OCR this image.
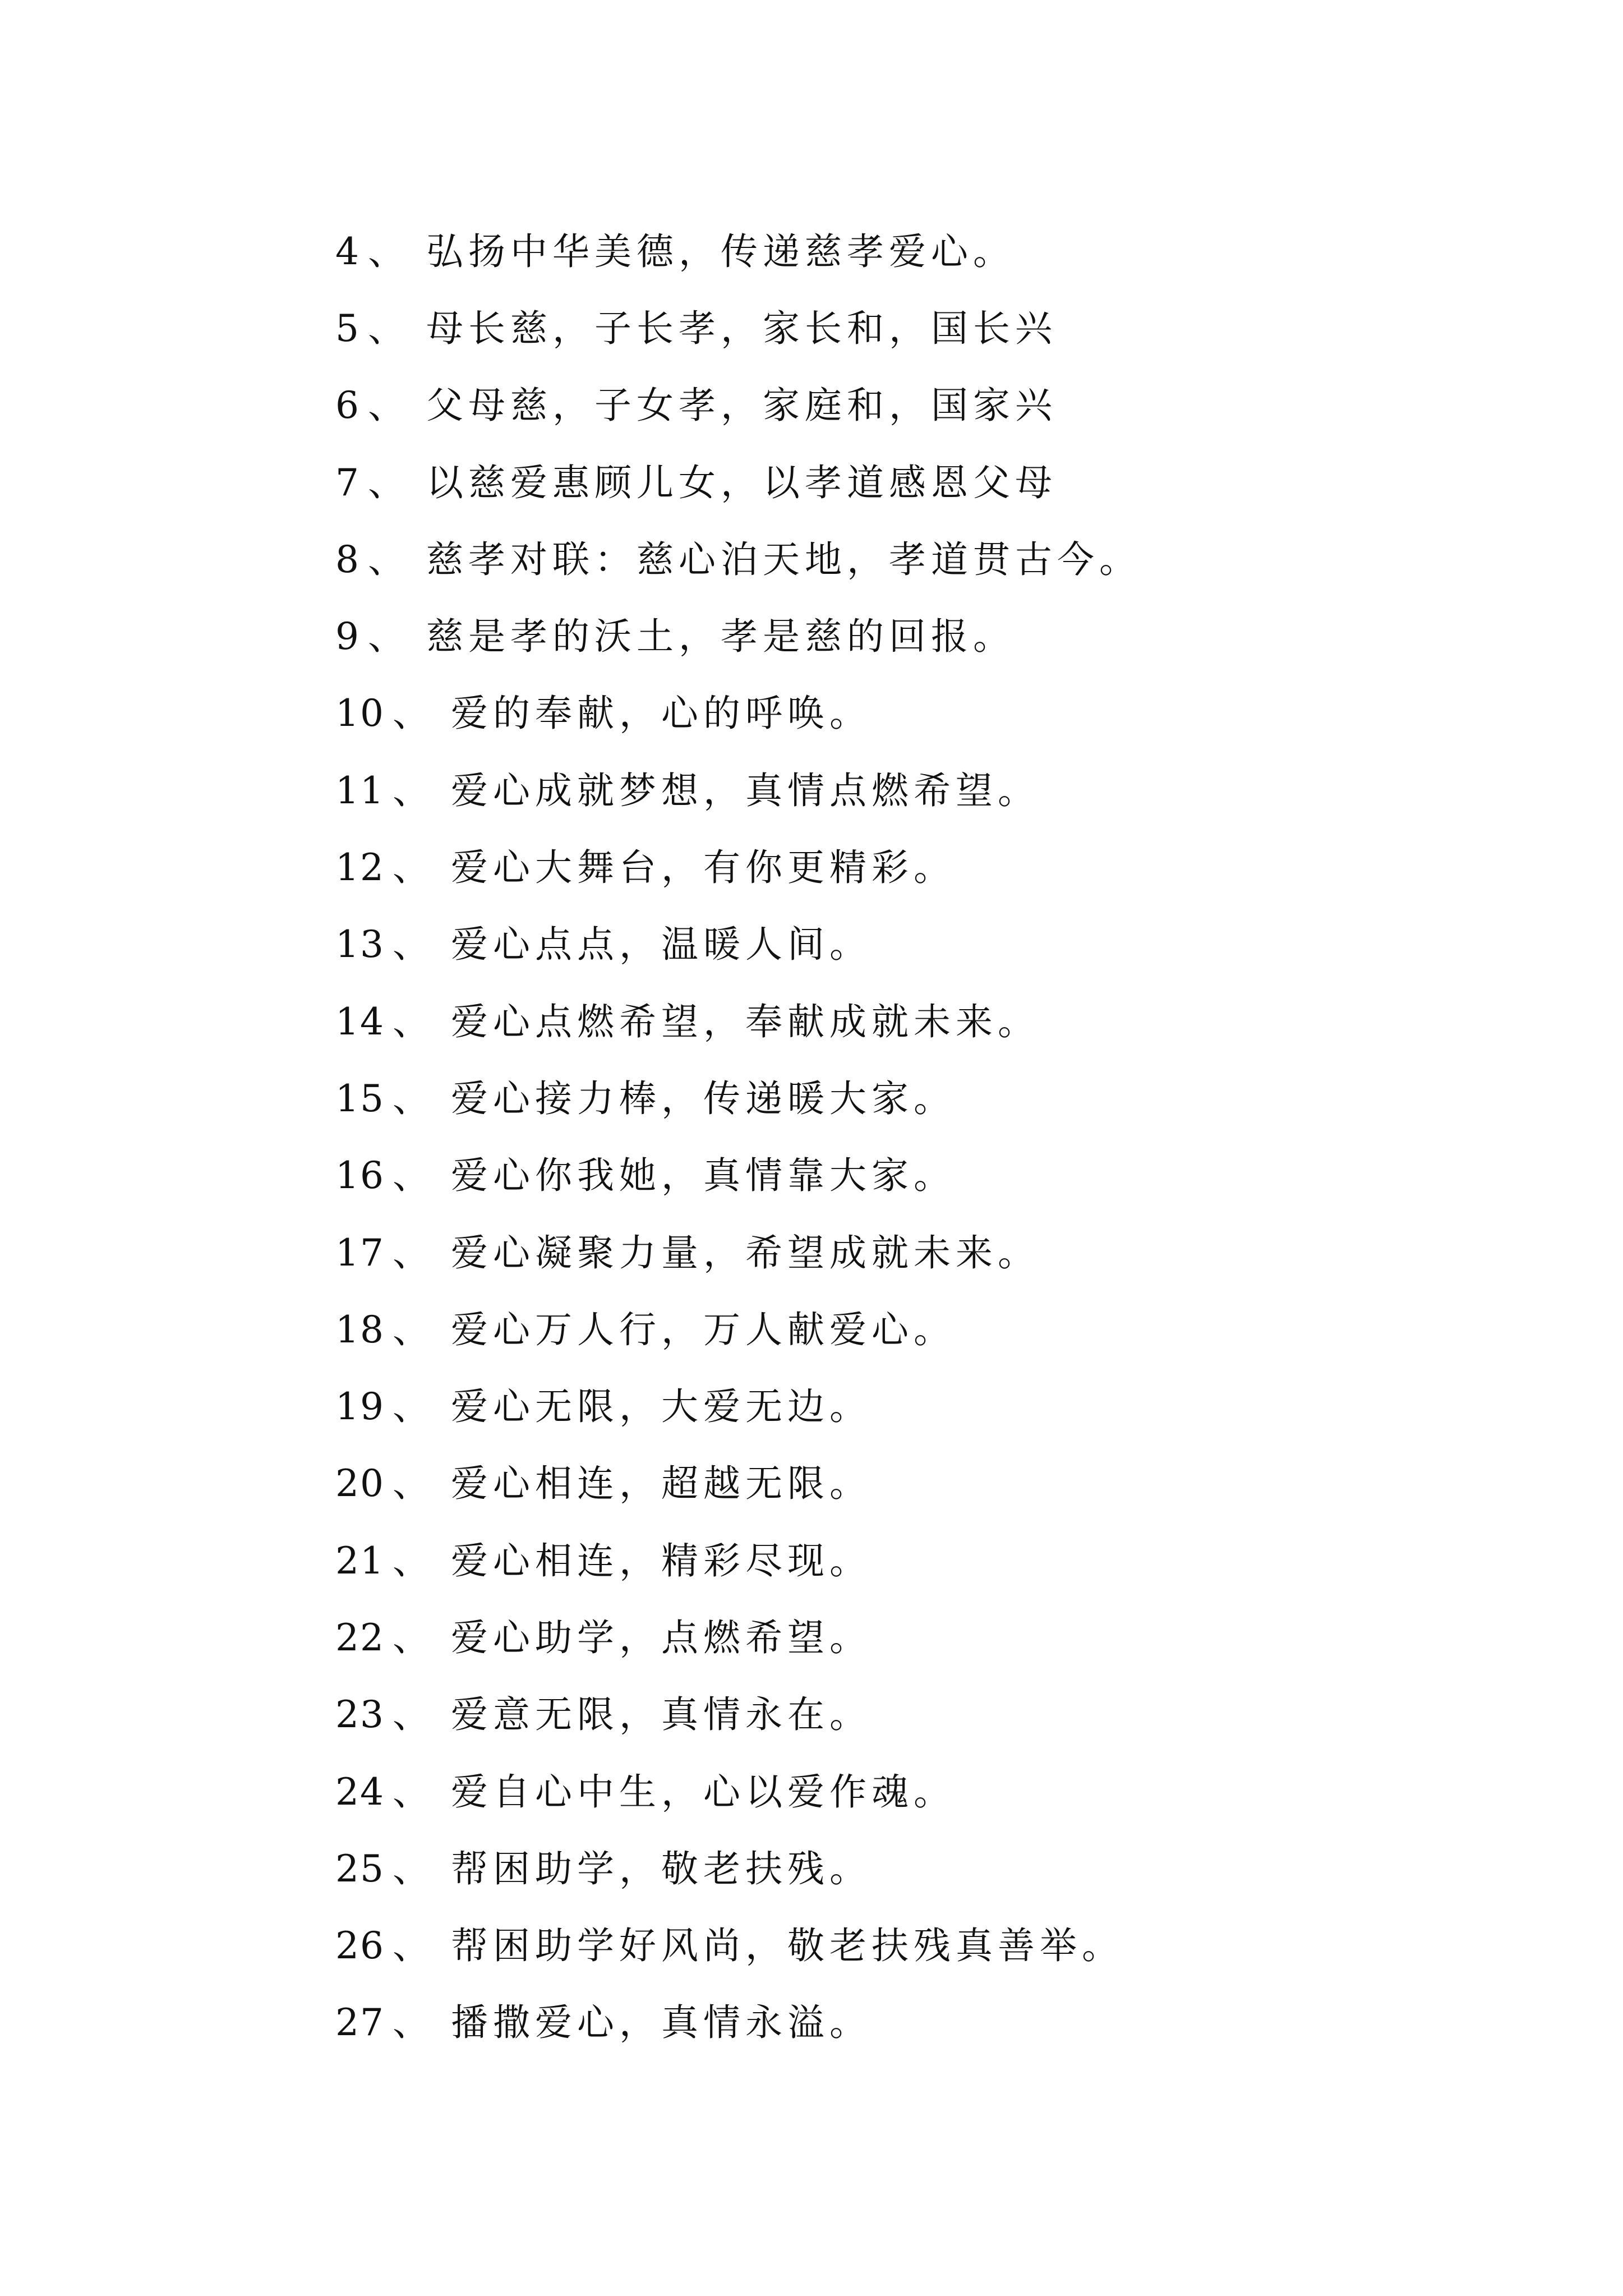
4 、 弘扬中华美德，传递慈孝爱心。
5 、 母长慈，子长孝，家长和，国长兴
6 、 父母慈，子女孝，家庭和，国家兴
7 、 以慈爱惠顾儿女，以孝道感恩父母
8 、 慈孝对联：慈心泊天地，孝道贯古今。
9 、 慈是孝的沃土，孝是慈的回报。
10 、 爱的奉献，心的呼唤。
11 、 爱心成就梦想，真情点燃希望。
12 、 爱心大舞台，有你更精彩。
13 、 爱心点点，温暖人间。
14 、 爱心点燃希望，奉献成就未来。
15 、 爱心接力棒，传递暖大家。
16 、 爱心你我她，真情靠大家。
17 、 爱心凝聚力量，希望成就未来。
18 、 爱心万人行，万人献爱心。
19 、 爱心无限，大爱无边。
20 、 爱心相连，超越无限。
21 、 爱心相连，精彩尽现。
22 、 爱心助学，点燃希望。
23 、 爱意无限，真情永在。
24 、 爱自心中生，心以爱作魂。
25 、 帮困助学，敬老扶残。
26 、 帮困助学好风尚，敬老扶残真善举。
27 、 播撒爱心，真情永溢。
